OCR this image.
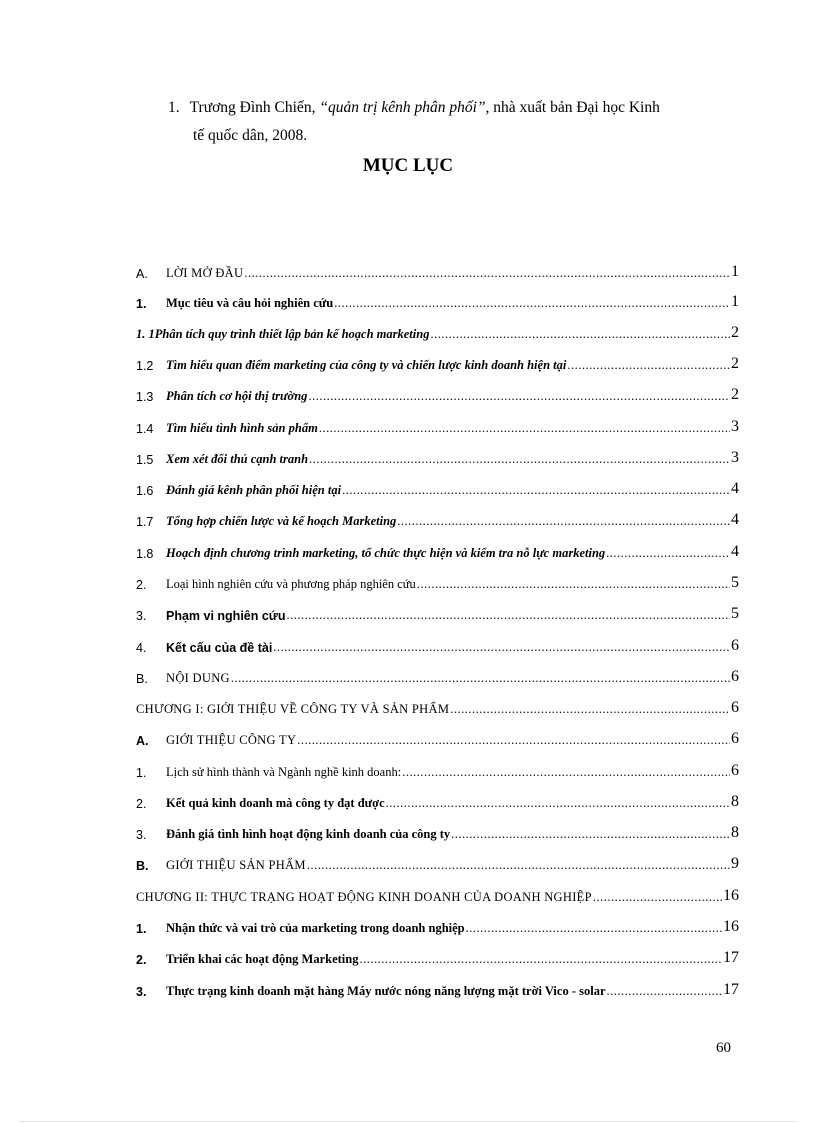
1. Trương Đình Chiến, “quản trị kênh phân phối”, nhà xuất bản Đại học Kinh
tế quốc dân, 2008.
MỤC LỤC
A.	LỜI MỞ ĐẦU .....	1
1.	Mục tiêu và câu hỏi nghiên cứu .....	1
1. 1Phân tích quy trình thiết lập bản kế hoạch marketing .....	2
1.2	Tìm hiểu quan điểm marketing của công ty và chiến lược kinh doanh hiện tại .....	2
1.3	Phân tích cơ hội thị trường .....	2
1.4	Tìm hiểu tình hình sản phẩm .....	3
1.5	Xem xét đối thủ cạnh tranh .....	3
1.6	Đánh giá kênh phân phối hiện tại .....	4
1.7	Tổng hợp chiến lược và kế hoạch Marketing .....	4
1.8	Hoạch định chương trình marketing, tổ chức thực hiện và kiểm tra nỗ lực marketing .....	4
2.	Loại hình nghiên cứu và phương pháp nghiên cứu .....	5
3.	Phạm vi nghiên cứu .....	5
4.	Kết cấu của đề tài .....	6
B.	NỘI DUNG .....	6
CHƯƠNG I: GIỚI THIỆU VỀ CÔNG TY VÀ SẢN PHẨM .....	6
A.	GIỚI THIỆU CÔNG TY .....	6
1.	Lịch sử hình thành và Ngành nghề kinh doanh: .....	6
2.	Kết quả kinh doanh mà công ty đạt được .....	8
3.	Đánh giá tình hình hoạt động kinh doanh của công ty .....	8
B.	GIỚI THIỆU SẢN PHẨM .....	9
CHƯƠNG II: THỰC TRẠNG HOẠT ĐỘNG KINH DOANH CỦA DOANH NGHIỆP .....	16
1.	Nhận thức và vai trò của marketing trong doanh nghiệp .....	16
2.	Triển khai các hoạt động Marketing .....	17
3.	Thực trạng kinh doanh mặt hàng Máy nước nóng năng lượng mặt trời Vico - solar .....	17
60
